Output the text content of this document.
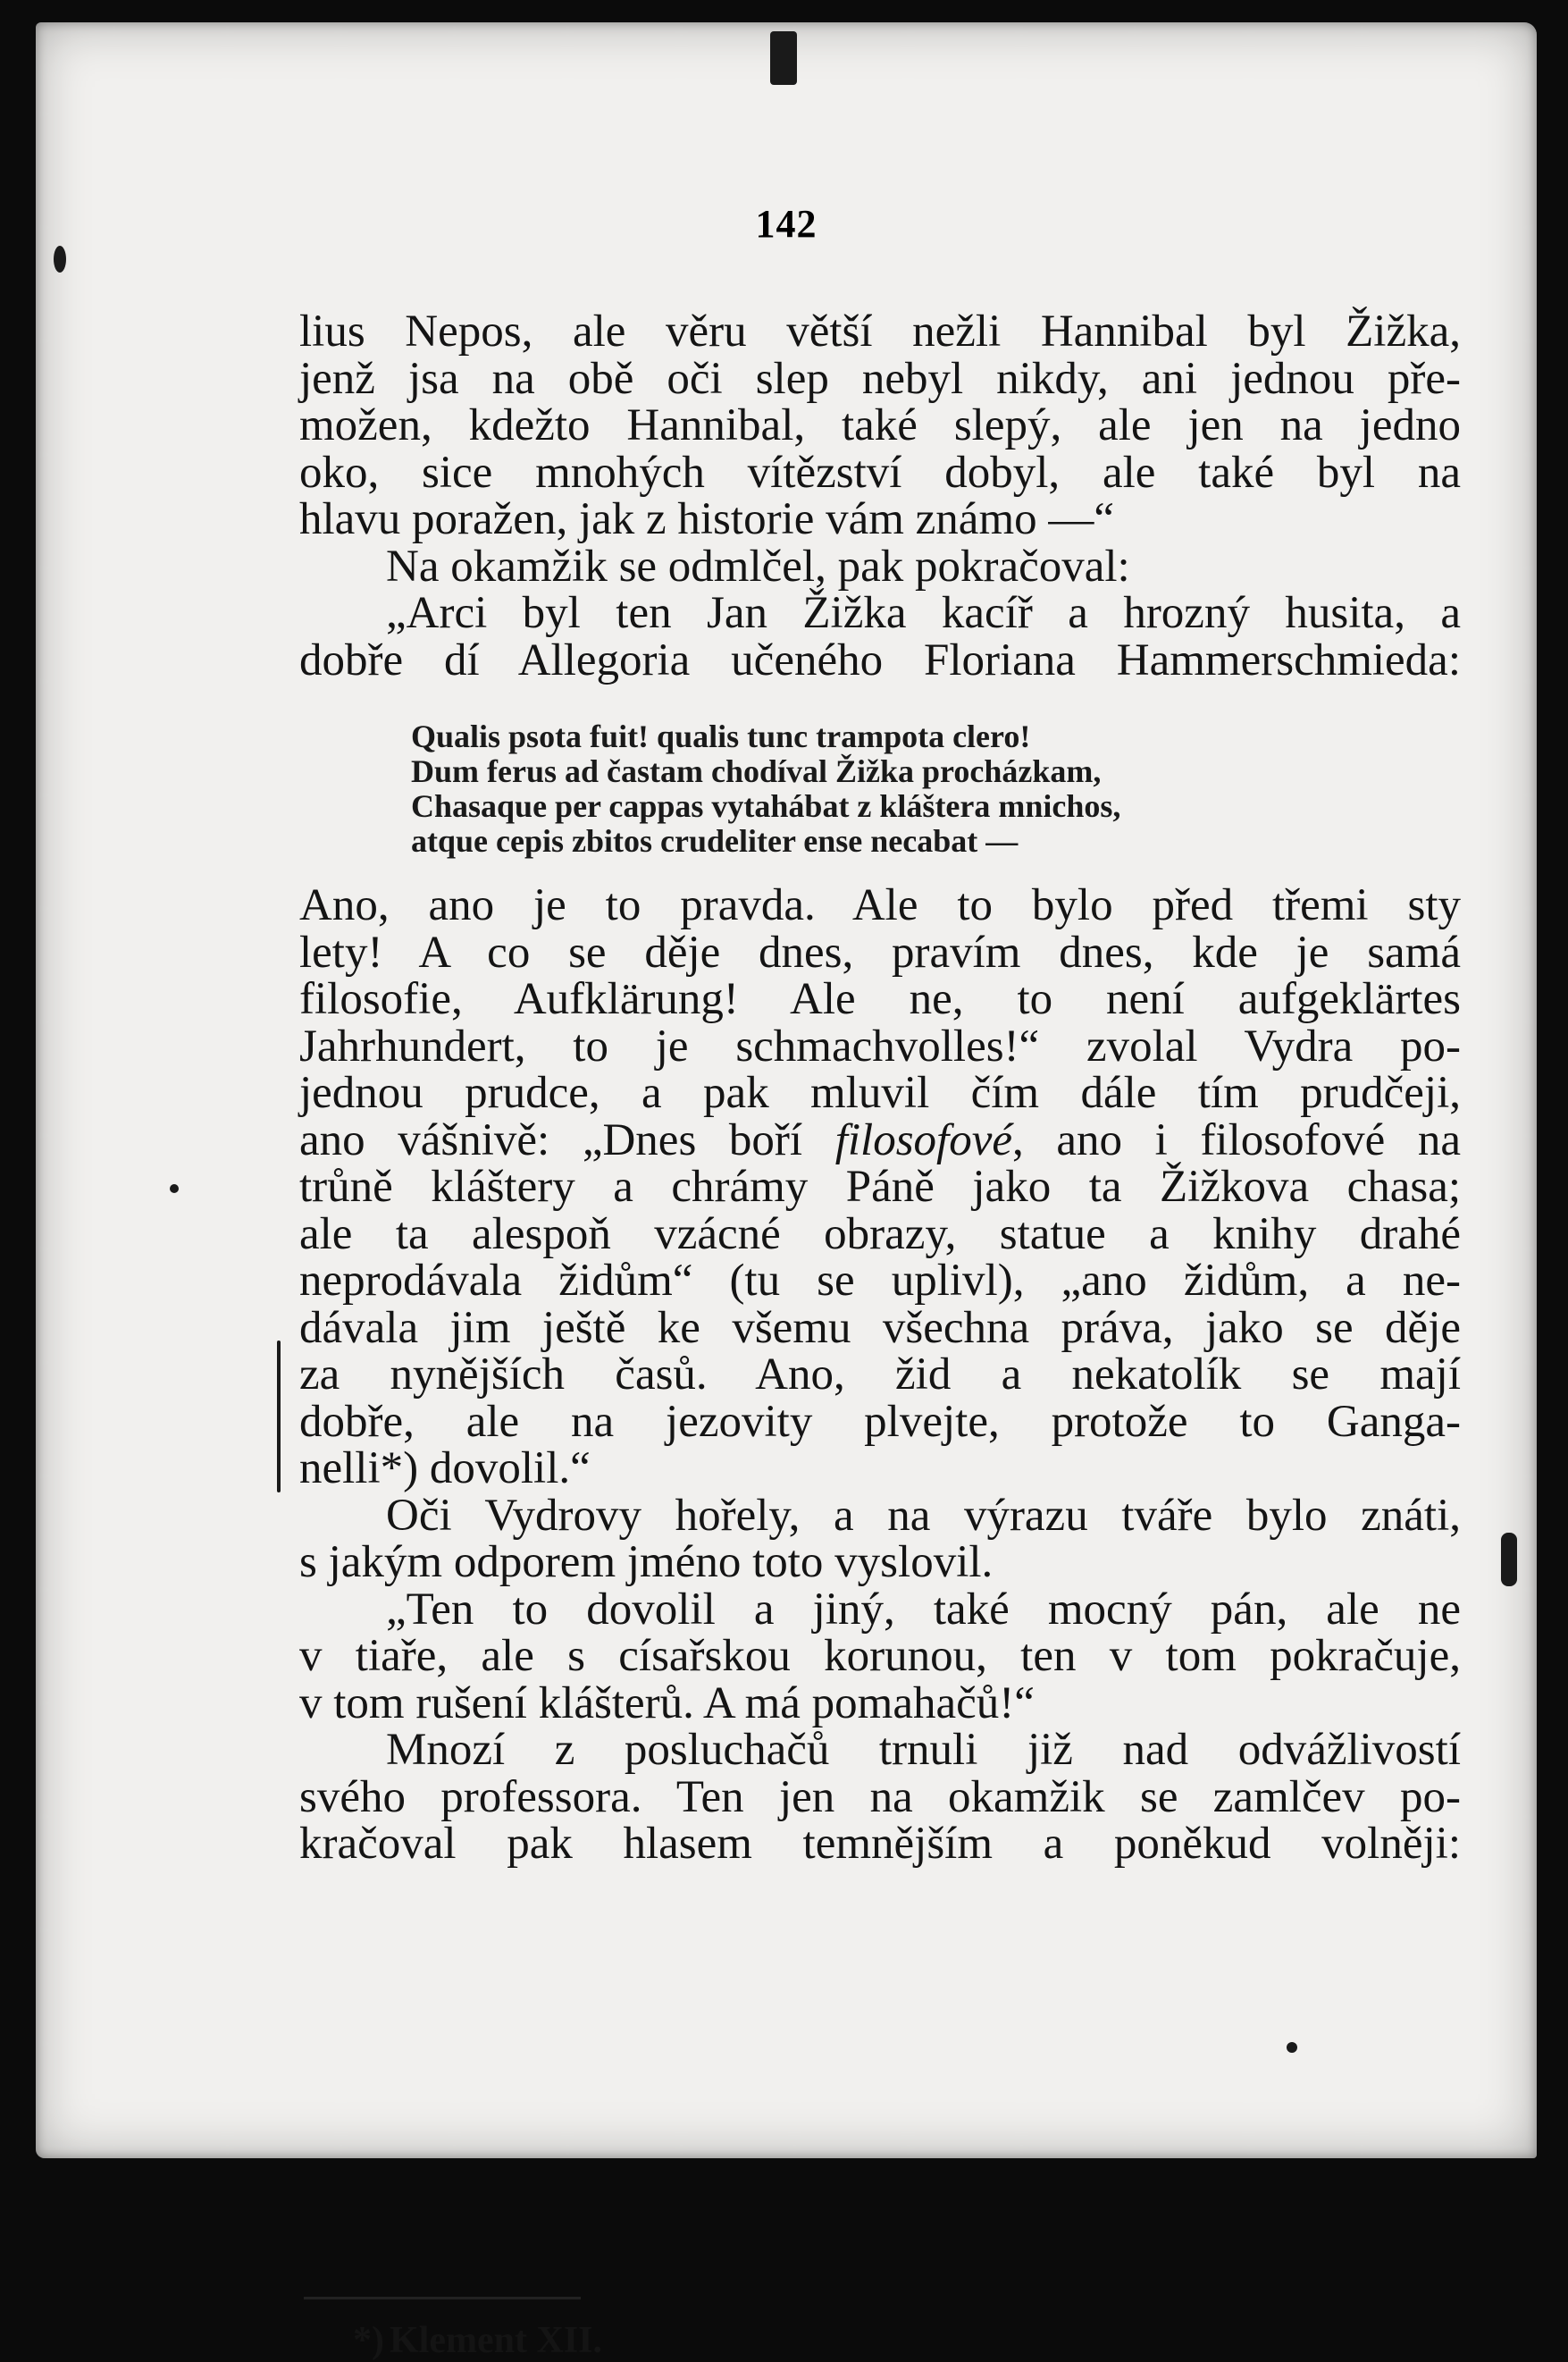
142
lius Nepos, ale věru větší nežli Hannibal byl Žižka,
jenž jsa na obě oči slep nebyl nikdy, ani jednou pře-
možen, kdežto Hannibal, také slepý, ale jen na jedno
oko, sice mnohých vítězství dobyl, ale také byl na
hlavu poražen, jak z historie vám známo —“
Na okamžik se odmlčel, pak pokračoval:
„Arci byl ten Jan Žižka kacíř a hrozný husita, a
dobře dí Allegoria učeného Floriana Hammerschmieda:
Qualis psota fuit! qualis tunc trampota clero!
Dum ferus ad častam chodíval Žižka procházkam,
Chasaque per cappas vytahábat z kláštera mnichos,
atque cepis zbitos crudeliter ense necabat —
Ano, ano je to pravda. Ale to bylo před třemi sty
lety! A co se děje dnes, pravím dnes, kde je samá
filosofie, Aufklärung! Ale ne, to není aufgeklärtes
Jahrhundert, to je schmachvolles!“ zvolal Vydra po-
jednou prudce, a pak mluvil čím dále tím prudčeji,
ano vášnivě: „Dnes boří filosofové, ano i filosofové na
trůně kláštery a chrámy Páně jako ta Žižkova chasa;
ale ta alespoň vzácné obrazy, statue a knihy drahé
neprodávala židům“ (tu se uplivl), „ano židům, a ne-
dávala jim ještě ke všemu všechna práva, jako se děje
za nynějších časů. Ano, žid a nekatolík se mají
dobře, ale na jezovity plvejte, protože to Ganga-
nelli*) dovolil.“
Oči Vydrovy hořely, a na výrazu tváře bylo znáti,
s jakým odporem jméno toto vyslovil.
„Ten to dovolil a jiný, také mocný pán, ale ne
v tiaře, ale s císařskou korunou, ten v tom pokračuje,
v tom rušení klášterů. A má pomahačů!“
Mnozí z posluchačů trnuli již nad odvážlivostí
svého professora. Ten jen na okamžik se zamlčev po-
kračoval pak hlasem temnějším a poněkud volněji:
*) Klement XII.
